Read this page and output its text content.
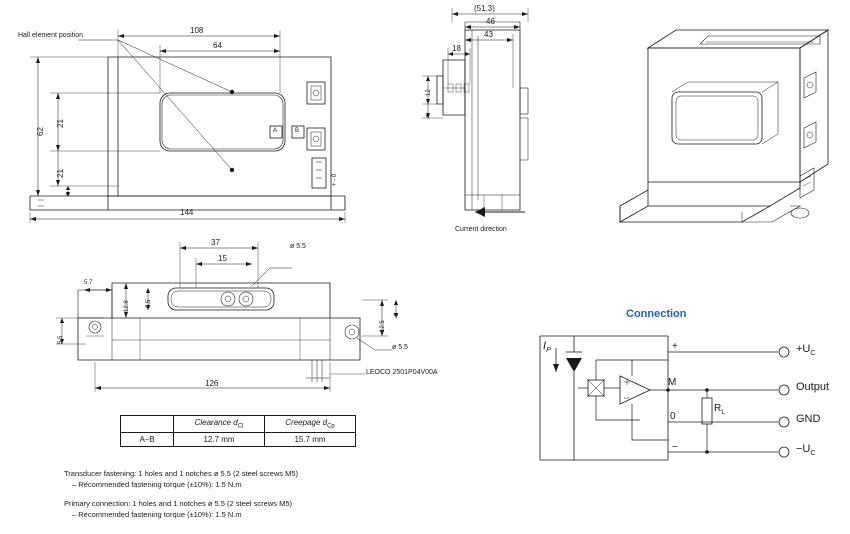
Hall element position
108
64
144
62
21
21
4
A	B
+ - 0
(51.3)
46
43
18
12
4
Current direction
37
15
126
5.7
12.8	5.5
5.5
12.5
8
ø 5.5
ø 5.5
LEOCO 2501P04V00A
Connection
$I_P$	+
−
M
0
$R_L$
$+U_C$
Output
GND
$-U_C$
	Clearance $d_{Cl}$	Creepage $d_{Cp}$
A–B	12.7 mm	15.7 mm
Transducer fastening: 1 holes and 1 notches ø 5.5 (2 steel screws M5)
– Recommended fastening torque (±10%): 1.5 N.m
Primary connection: 1 holes and 1 notches ø 5.5 (2 steel screws M5)
– Recommended fastening torque (±10%): 1.5 N.m
